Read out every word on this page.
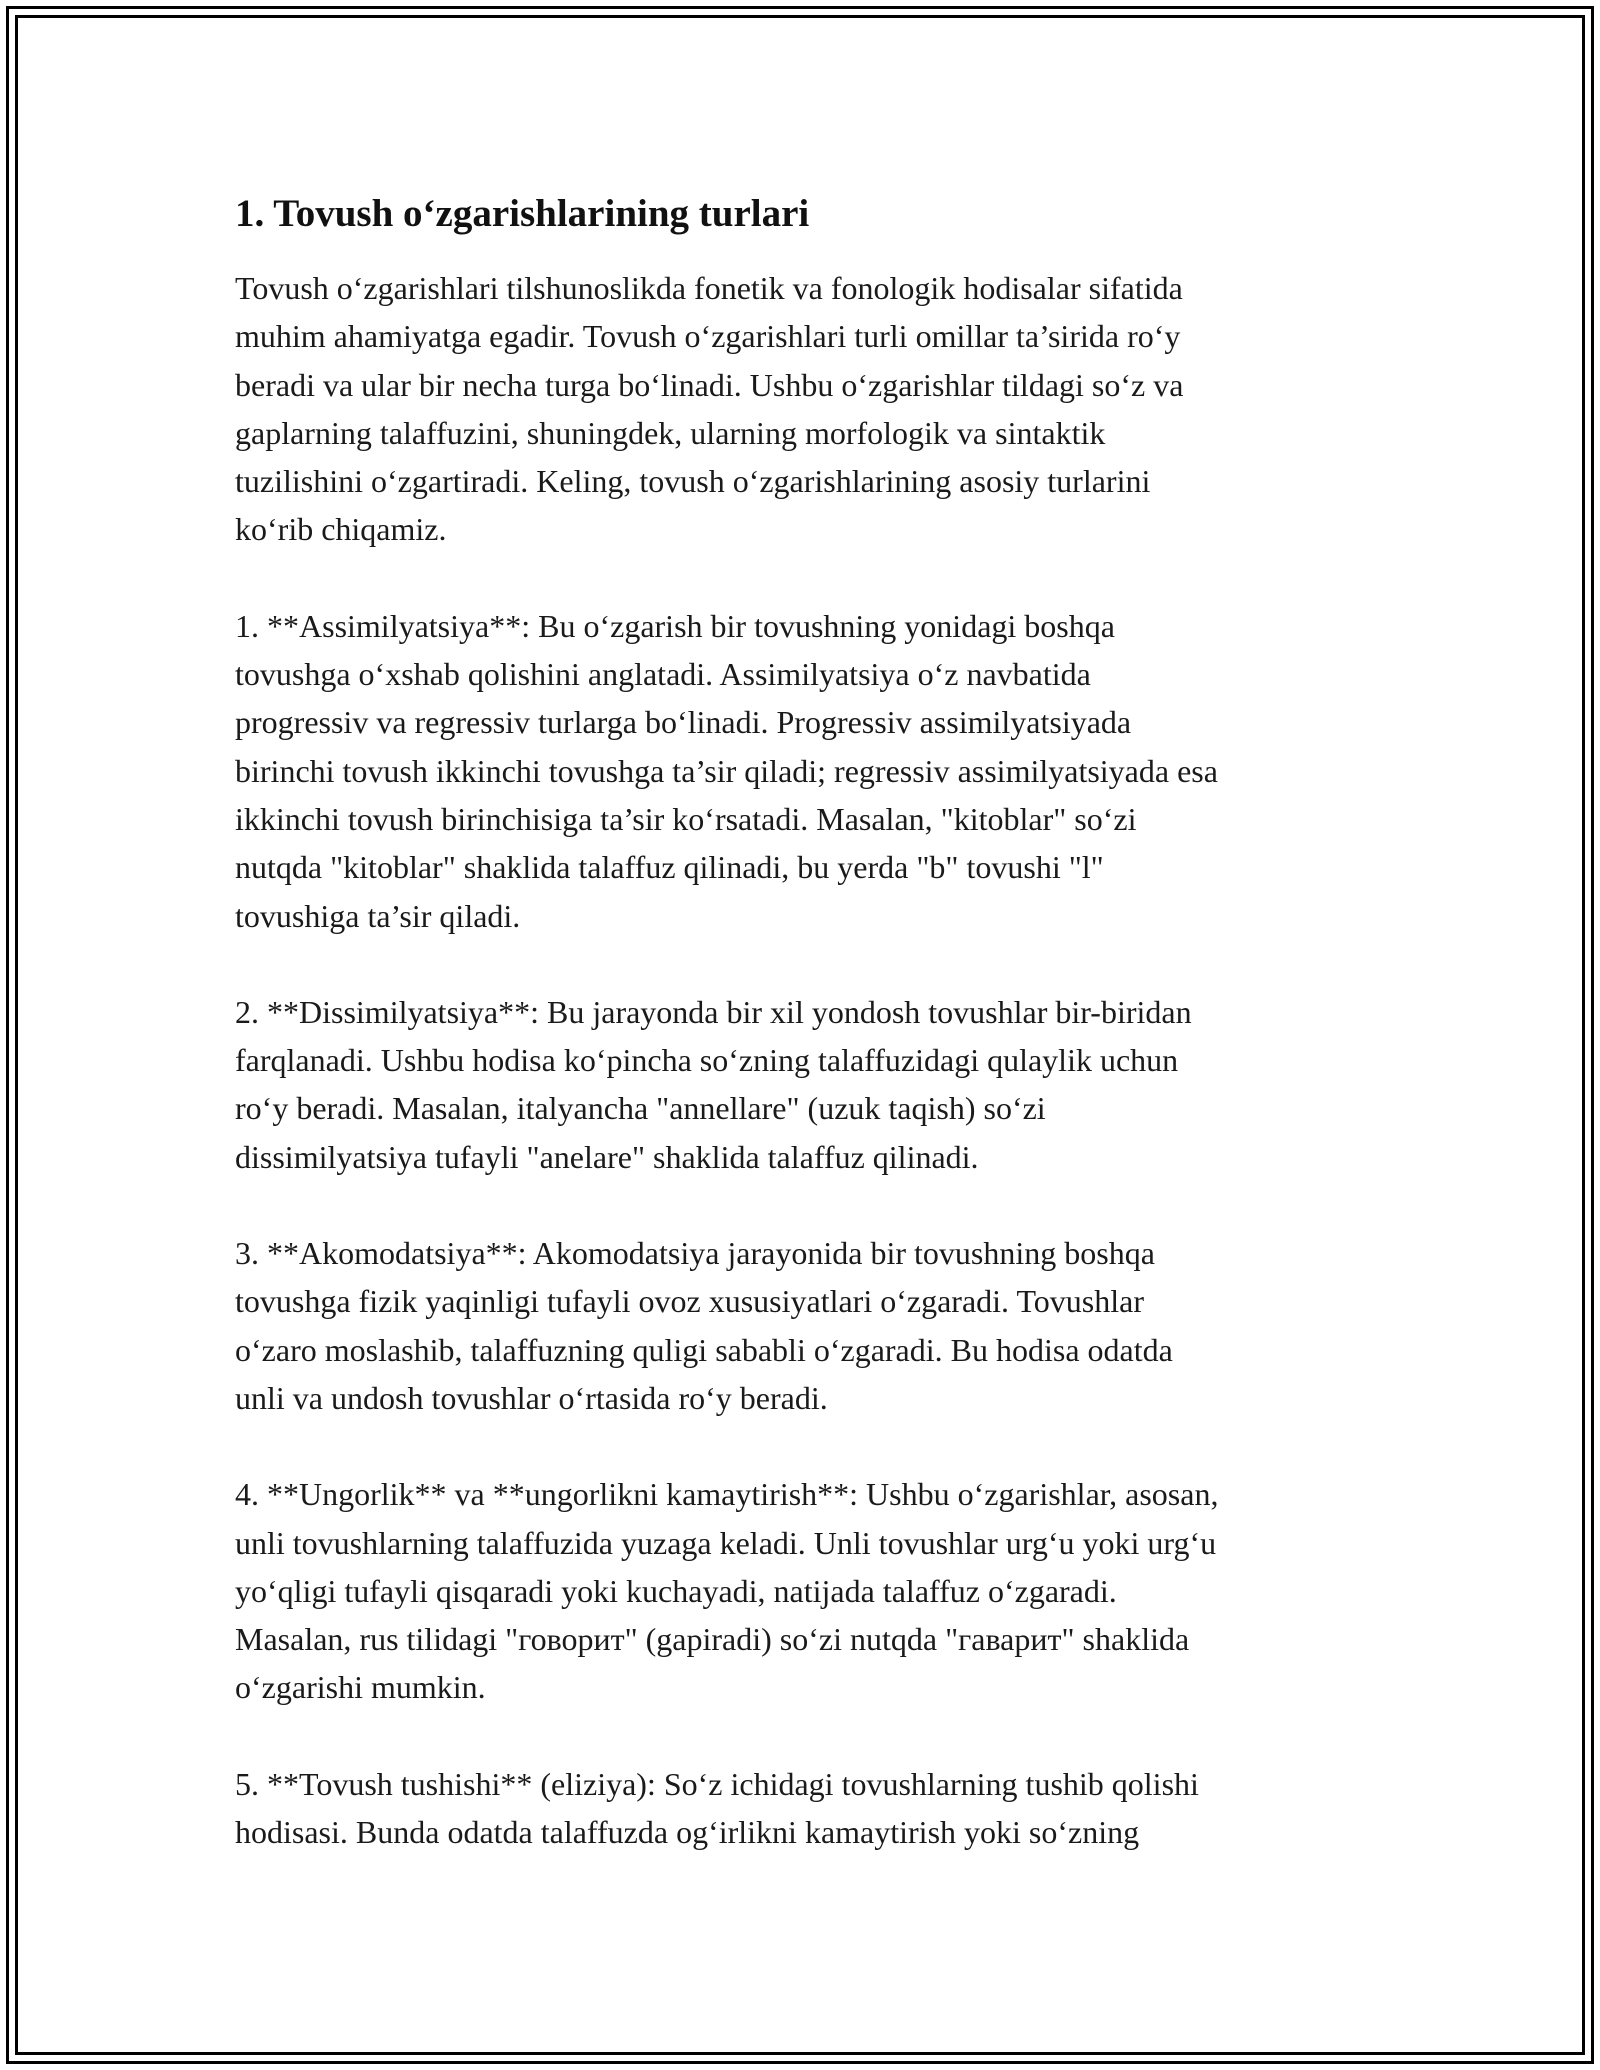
1. Tovush o‘zgarishlarining turlari

Tovush o‘zgarishlari tilshunoslikda fonetik va fonologik hodisalar sifatida
muhim ahamiyatga egadir. Tovush o‘zgarishlari turli omillar ta’sirida ro‘y
beradi va ular bir necha turga bo‘linadi. Ushbu o‘zgarishlar tildagi so‘z va
gaplarning talaffuzini, shuningdek, ularning morfologik va sintaktik
tuzilishini o‘zgartiradi. Keling, tovush o‘zgarishlarining asosiy turlarini
ko‘rib chiqamiz.

1. **Assimilyatsiya**: Bu o‘zgarish bir tovushning yonidagi boshqa
tovushga o‘xshab qolishini anglatadi. Assimilyatsiya o‘z navbatida
progressiv va regressiv turlarga bo‘linadi. Progressiv assimilyatsiyada
birinchi tovush ikkinchi tovushga ta’sir qiladi; regressiv assimilyatsiyada esa
ikkinchi tovush birinchisiga ta’sir ko‘rsatadi. Masalan, "kitoblar" so‘zi
nutqda "kitoblar" shaklida talaffuz qilinadi, bu yerda "b" tovushi "l"
tovushiga ta’sir qiladi.

2. **Dissimilyatsiya**: Bu jarayonda bir xil yondosh tovushlar bir-biridan
farqlanadi. Ushbu hodisa ko‘pincha so‘zning talaffuzidagi qulaylik uchun
ro‘y beradi. Masalan, italyancha "annellare" (uzuk taqish) so‘zi
dissimilyatsiya tufayli "anelare" shaklida talaffuz qilinadi.

3. **Akomodatsiya**: Akomodatsiya jarayonida bir tovushning boshqa
tovushga fizik yaqinligi tufayli ovoz xususiyatlari o‘zgaradi. Tovushlar
o‘zaro moslashib, talaffuzning quligi sababli o‘zgaradi. Bu hodisa odatda
unli va undosh tovushlar o‘rtasida ro‘y beradi.

4. **Ungorlik** va **ungorlikni kamaytirish**: Ushbu o‘zgarishlar, asosan,
unli tovushlarning talaffuzida yuzaga keladi. Unli tovushlar urg‘u yoki urg‘u
yo‘qligi tufayli qisqaradi yoki kuchayadi, natijada talaffuz o‘zgaradi.
Masalan, rus tilidagi "говорит" (gapiradi) so‘zi nutqda "гаварит" shaklida
o‘zgarishi mumkin.

5. **Tovush tushishi** (eliziya): So‘z ichidagi tovushlarning tushib qolishi
hodisasi. Bunda odatda talaffuzda og‘irlikni kamaytirish yoki so‘zning
